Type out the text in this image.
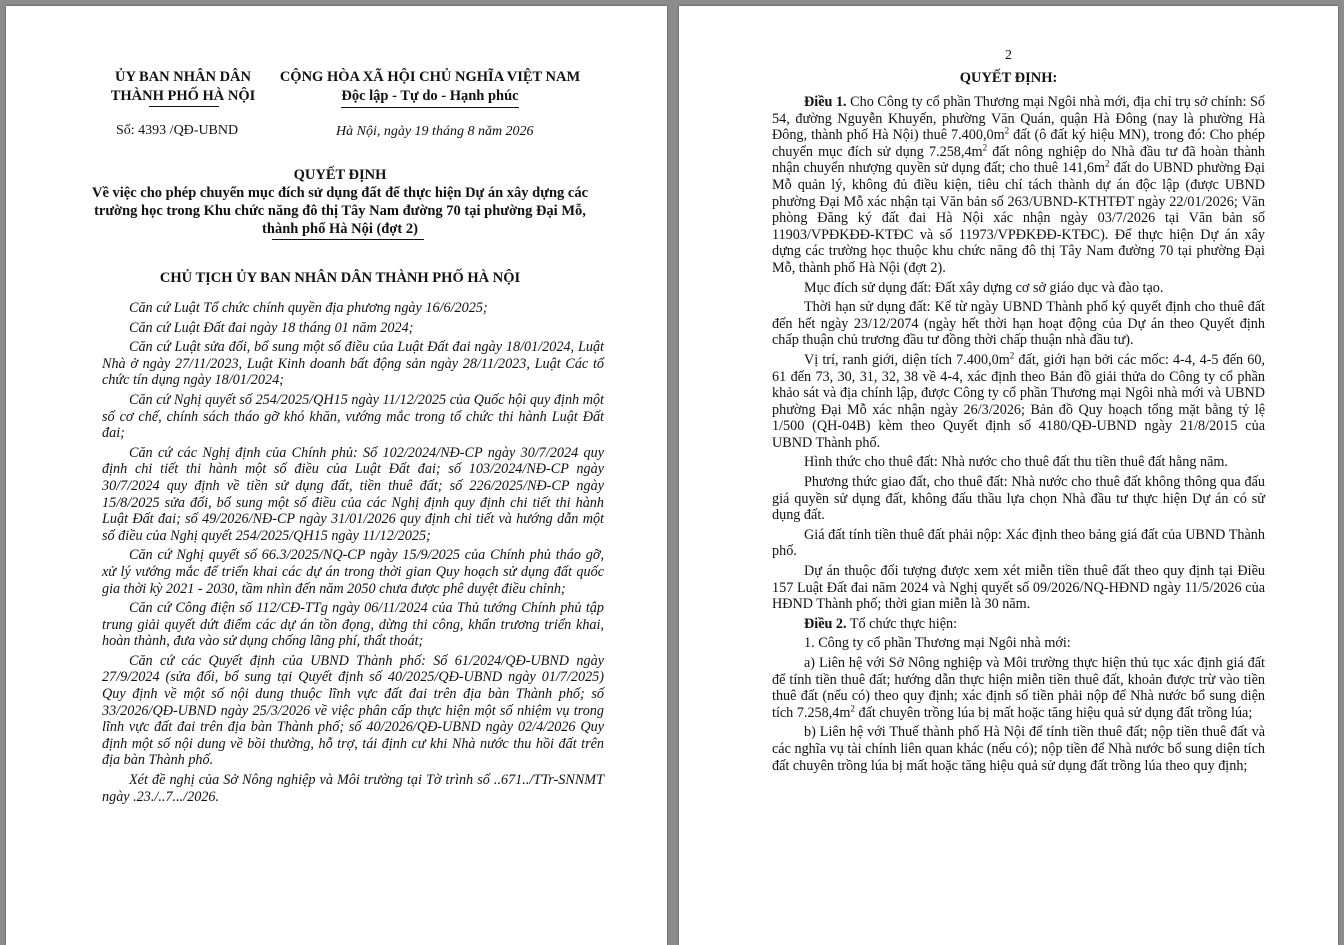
ỦY BAN NHÂN DÂN
THÀNH PHỐ HÀ NỘI
CỘNG HÒA XÃ HỘI CHỦ NGHĨA VIỆT NAM
Độc lập - Tự do - Hạnh phúc
Số: 4393 /QĐ-UBND	Hà Nội, ngày 19 tháng 8 năm 2026
QUYẾT ĐỊNH
Về việc cho phép chuyển mục đích sử dụng đất để thực hiện Dự án xây dựng các trường học trong Khu chức năng đô thị Tây Nam đường 70 tại phường Đại Mỗ, thành phố Hà Nội (đợt 2)
CHỦ TỊCH ỦY BAN NHÂN DÂN THÀNH PHỐ HÀ NỘI

Căn cứ Luật Tổ chức chính quyền địa phương ngày 16/6/2025;

Căn cứ Luật Đất đai ngày 18 tháng 01 năm 2024;

Căn cứ Luật sửa đổi, bổ sung một số điều của Luật Đất đai ngày 18/01/2024, Luật Nhà ở ngày 27/11/2023, Luật Kinh doanh bất động sản ngày 28/11/2023, Luật Các tổ chức tín dụng ngày 18/01/2024;

Căn cứ Nghị quyết số 254/2025/QH15 ngày 11/12/2025 của Quốc hội quy định một số cơ chế, chính sách tháo gỡ khó khăn, vướng mắc trong tổ chức thi hành Luật Đất đai;

Căn cứ các Nghị định của Chính phủ: Số 102/2024/NĐ-CP ngày 30/7/2024 quy định chi tiết thi hành một số điều của Luật Đất đai; số 103/2024/NĐ-CP ngày 30/7/2024 quy định về tiền sử dụng đất, tiền thuê đất; số 226/2025/NĐ-CP ngày 15/8/2025 sửa đổi, bổ sung một số điều của các Nghị định quy định chi tiết thi hành Luật Đất đai; số 49/2026/NĐ-CP ngày 31/01/2026 quy định chi tiết và hướng dẫn một số điều của Nghị quyết 254/2025/QH15 ngày 11/12/2025;

Căn cứ Nghị quyết số 66.3/2025/NQ-CP ngày 15/9/2025 của Chính phủ tháo gỡ, xử lý vướng mắc để triển khai các dự án trong thời gian Quy hoạch sử dụng đất quốc gia thời kỳ 2021 - 2030, tầm nhìn đến năm 2050 chưa được phê duyệt điều chỉnh;

Căn cứ Công điện số 112/CĐ-TTg ngày 06/11/2024 của Thủ tướng Chính phủ tập trung giải quyết dứt điểm các dự án tồn đọng, dừng thi công, khẩn trương triển khai, hoàn thành, đưa vào sử dụng chống lãng phí, thất thoát;

Căn cứ các Quyết định của UBND Thành phố: Số 61/2024/QĐ-UBND ngày 27/9/2024 (sửa đổi, bổ sung tại Quyết định số 40/2025/QĐ-UBND ngày 01/7/2025) Quy định về một số nội dung thuộc lĩnh vực đất đai trên địa bàn Thành phố; số 33/2026/QĐ-UBND ngày 25/3/2026 về việc phân cấp thực hiện một số nhiệm vụ trong lĩnh vực đất đai trên địa bàn Thành phố; số 40/2026/QĐ-UBND ngày 02/4/2026 Quy định một số nội dung về bồi thường, hỗ trợ, tái định cư khi Nhà nước thu hồi đất trên địa bàn Thành phố.

Xét đề nghị của Sở Nông nghiệp và Môi trường tại Tờ trình số ..671../TTr-SNNMT ngày .23./..7.../2026.

2
QUYẾT ĐỊNH:

Điều 1. Cho Công ty cổ phần Thương mại Ngôi nhà mới, địa chỉ trụ sở chính: Số 54, đường Nguyễn Khuyến, phường Văn Quán, quận Hà Đông (nay là phường Hà Đông, thành phố Hà Nội) thuê $7.400,0m^2$ đất (ô đất ký hiệu MN), trong đó: Cho phép chuyển mục đích sử dụng $7.258,4m^2$ đất nông nghiệp do Nhà đầu tư đã hoàn thành nhận chuyển nhượng quyền sử dụng đất; cho thuê $141,6m^2$ đất do UBND phường Đại Mỗ quản lý, không đủ điều kiện, tiêu chí tách thành dự án độc lập (được UBND phường Đại Mỗ xác nhận tại Văn bản số 263/UBND-KTHTĐT ngày 22/01/2026; Văn phòng Đăng ký đất đai Hà Nội xác nhận ngày 03/7/2026 tại Văn bản số 11903/VPĐKĐĐ-KTĐC và số 11973/VPĐKĐĐ-KTĐC). Để thực hiện Dự án xây dựng các trường học thuộc khu chức năng đô thị Tây Nam đường 70 tại phường Đại Mỗ, thành phố Hà Nội (đợt 2).

Mục đích sử dụng đất: Đất xây dựng cơ sở giáo dục và đào tạo.

Thời hạn sử dụng đất: Kể từ ngày UBND Thành phố ký quyết định cho thuê đất đến hết ngày 23/12/2074 (ngày hết thời hạn hoạt động của Dự án theo Quyết định chấp thuận chủ trương đầu tư đồng thời chấp thuận nhà đầu tư).

Vị trí, ranh giới, diện tích $7.400,0m^2$ đất, giới hạn bởi các mốc: 4-4, 4-5 đến 60, 61 đến 73, 30, 31, 32, 38 về 4-4, xác định theo Bản đồ giải thửa do Công ty cổ phần khảo sát và địa chính lập, được Công ty cổ phần Thương mại Ngôi nhà mới và UBND phường Đại Mỗ xác nhận ngày 26/3/2026; Bản đồ Quy hoạch tổng mặt bằng tỷ lệ 1/500 (QH-04B) kèm theo Quyết định số 4180/QĐ-UBND ngày 21/8/2015 của UBND Thành phố.

Hình thức cho thuê đất: Nhà nước cho thuê đất thu tiền thuê đất hằng năm.

Phương thức giao đất, cho thuê đất: Nhà nước cho thuê đất không thông qua đấu giá quyền sử dụng đất, không đấu thầu lựa chọn Nhà đầu tư thực hiện Dự án có sử dụng đất.

Giá đất tính tiền thuê đất phải nộp: Xác định theo bảng giá đất của UBND Thành phố.

Dự án thuộc đối tượng được xem xét miễn tiền thuê đất theo quy định tại Điều 157 Luật Đất đai năm 2024 và Nghị quyết số 09/2026/NQ-HĐND ngày 11/5/2026 của HĐND Thành phố; thời gian miễn là 30 năm.

Điều 2. Tổ chức thực hiện:

1. Công ty cổ phần Thương mại Ngôi nhà mới:

a) Liên hệ với Sở Nông nghiệp và Môi trường thực hiện thủ tục xác định giá đất để tính tiền thuê đất; hướng dẫn thực hiện miễn tiền thuê đất, khoản được trừ vào tiền thuê đất (nếu có) theo quy định; xác định số tiền phải nộp để Nhà nước bổ sung diện tích $7.258,4m^2$ đất chuyên trồng lúa bị mất hoặc tăng hiệu quả sử dụng đất trồng lúa;

b) Liên hệ với Thuế thành phố Hà Nội để tính tiền thuê đất; nộp tiền thuê đất và các nghĩa vụ tài chính liên quan khác (nếu có); nộp tiền để Nhà nước bổ sung diện tích đất chuyên trồng lúa bị mất hoặc tăng hiệu quả sử dụng đất trồng lúa theo quy định;
